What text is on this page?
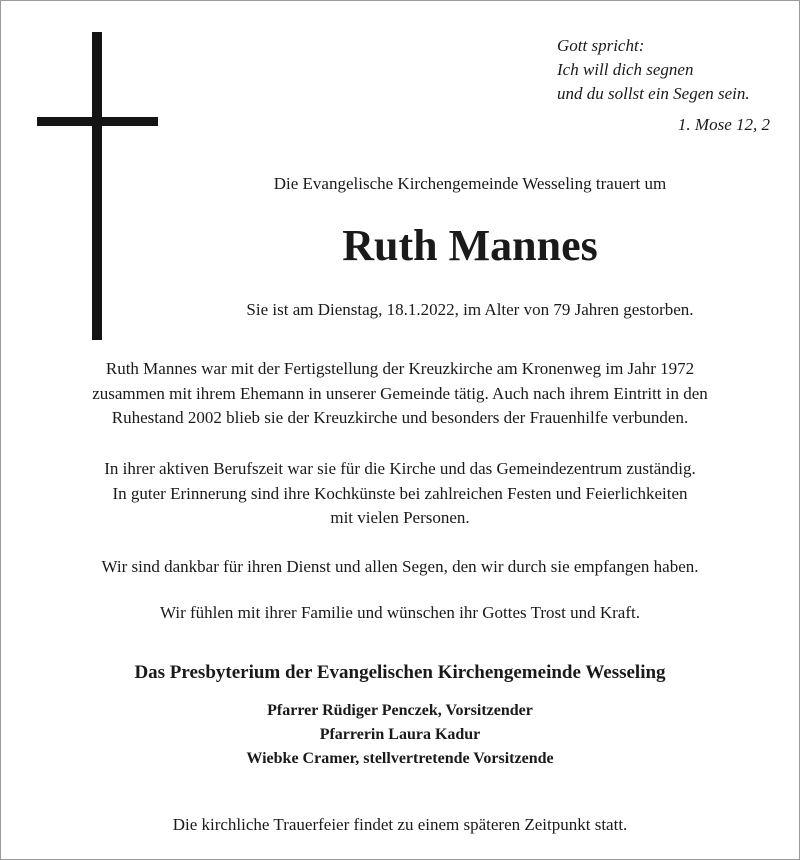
Gott spricht:
Ich will dich segnen
und du sollst ein Segen sein.
1. Mose 12, 2
Die Evangelische Kirchengemeinde Wesseling trauert um
Ruth Mannes
Sie ist am Dienstag, 18.1.2022, im Alter von 79 Jahren gestorben.
Ruth Mannes war mit der Fertigstellung der Kreuzkirche am Kronenweg im Jahr 1972
zusammen mit ihrem Ehemann in unserer Gemeinde tätig. Auch nach ihrem Eintritt in den
Ruhestand 2002 blieb sie der Kreuzkirche und besonders der Frauenhilfe verbunden.
In ihrer aktiven Berufszeit war sie für die Kirche und das Gemeindezentrum zuständig.
In guter Erinnerung sind ihre Kochkünste bei zahlreichen Festen und Feierlichkeiten
mit vielen Personen.
Wir sind dankbar für ihren Dienst und allen Segen, den wir durch sie empfangen haben.
Wir fühlen mit ihrer Familie und wünschen ihr Gottes Trost und Kraft.
Das Presbyterium der Evangelischen Kirchengemeinde Wesseling
Pfarrer Rüdiger Penczek, Vorsitzender
Pfarrerin Laura Kadur
Wiebke Cramer, stellvertretende Vorsitzende
Die kirchliche Trauerfeier findet zu einem späteren Zeitpunkt statt.
